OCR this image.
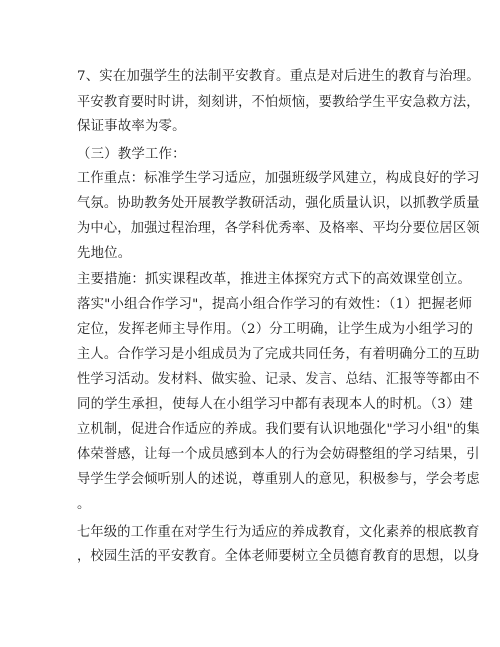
7、实在加强学生的法制平安教育。重点是对后进生的教育与治理。
平安教育要时时讲，刻刻讲，不怕烦恼，要教给学生平安急救方法，
保证事故率为零。
（三）教学工作：
工作重点：标准学生学习适应，加强班级学风建立，构成良好的学习
气氛。协助教务处开展教学教研活动，强化质量认识，以抓教学质量
为中心，加强过程治理，各学科优秀率、及格率、平均分要位居区领
先地位。
主要措施：抓实课程改革，推进主体探究方式下的高效课堂创立。
落实"小组合作学习"，提高小组合作学习的有效性：（1）把握老师
定位，发挥老师主导作用。（2）分工明确，让学生成为小组学习的
主人。合作学习是小组成员为了完成共同任务，有着明确分工的互助
性学习活动。发材料、做实验、记录、发言、总结、汇报等等都由不
同的学生承担，使每人在小组学习中都有表现本人的时机。（3）建
立机制，促进合作适应的养成。我们要有认识地强化"学习小组"的集
体荣誉感，让每一个成员感到本人的行为会妨碍整组的学习结果，引
导学生学会倾听别人的述说，尊重别人的意见，积极参与，学会考虑
。
七年级的工作重在对学生行为适应的养成教育，文化素养的根底教育
，校园生活的平安教育。全体老师要树立全员德育教育的思想，以身
